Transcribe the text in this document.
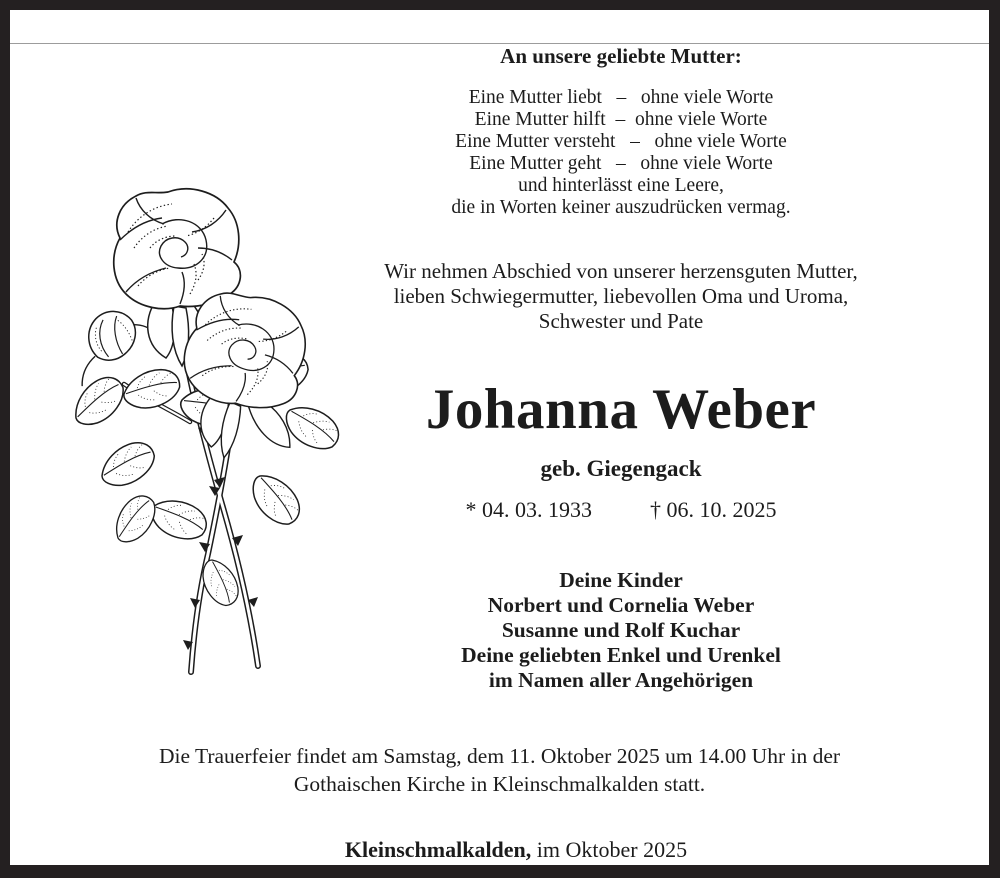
An unsere geliebte Mutter:
Eine Mutter liebt   –   ohne viele Worte
Eine Mutter hilft  –  ohne viele Worte
Eine Mutter versteht   –   ohne viele Worte
Eine Mutter geht   –   ohne viele Worte
und hinterlässt eine Leere,
die in Worten keiner auszudrücken vermag.
Wir nehmen Abschied von unserer herzensguten Mutter,
lieben Schwiegermutter, liebevollen Oma und Uroma,
Schwester und Pate
Johanna Weber
geb. Giegengack
* 04. 03. 1933	† 06. 10. 2025
Deine Kinder
Norbert und Cornelia Weber
Susanne und Rolf Kuchar
Deine geliebten Enkel und Urenkel
im Namen aller Angehörigen
Die Trauerfeier findet am Samstag, dem 11. Oktober 2025 um 14.00 Uhr in der
Gothaischen Kirche in Kleinschmalkalden statt.

Kleinschmalkalden, im Oktober 2025
